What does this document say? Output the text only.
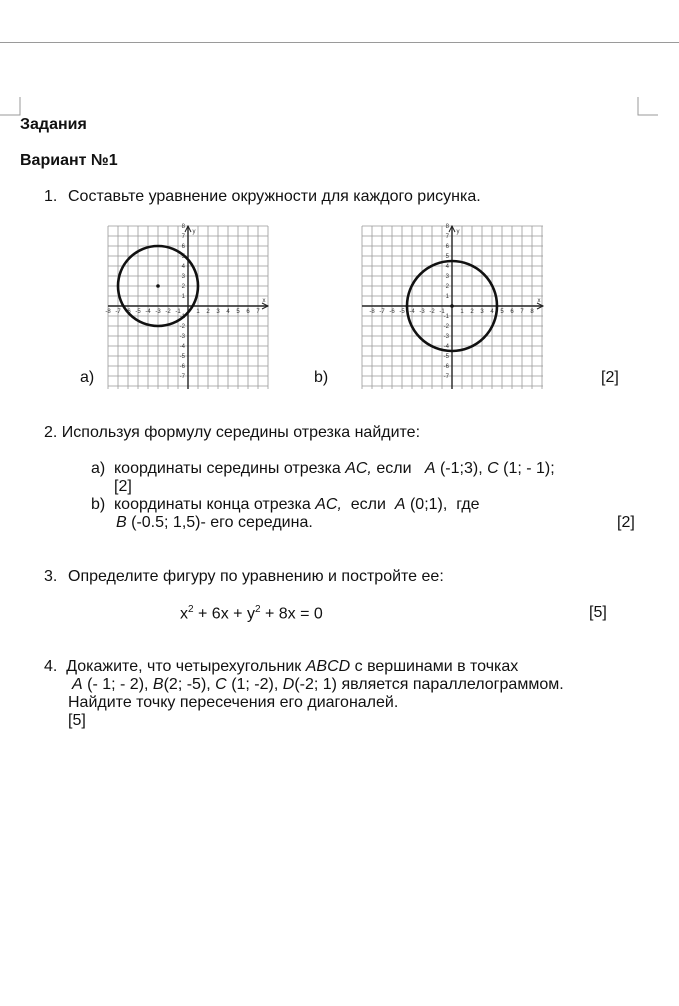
Задания
Вариант №1
1. Составьте уравнение окружности для каждого рисунка.
-8 -7 -6 -5 -4 -3 -2 -1	1 2 3 4 5 6 7
7
6
5
4
3
2
1
-1
-2
-3
-4
-5
-6
-7
8
x
y
-8 -7 -6 -5 -4 -3 -2 -1	1 2 3 4 5 6 7 8
8
7
6
5
4
3
2
1
-1
-2
-3
-4
-5
-6
-7
x
y
a)	b)	[2]
2. Используя формулу середины отрезка найдите:
a) координаты середины отрезка AC, если A (-1;3), C (1; - 1);
[2]
b) координаты конца отрезка AC, если A (0;1), где
B (-0.5; 1,5)- его середина.	[2]
3. Определите фигуру по уравнению и постройте ее:
$x^2 + 6x + y^2 + 8x = 0$	[5]
4. Докажите, что четырехугольник ABCD с вершинами в точках
A (- 1; - 2), B(2; -5), C (1; -2), D(-2; 1) является параллелограммом.
Найдите точку пересечения его диагоналей.
[5]
